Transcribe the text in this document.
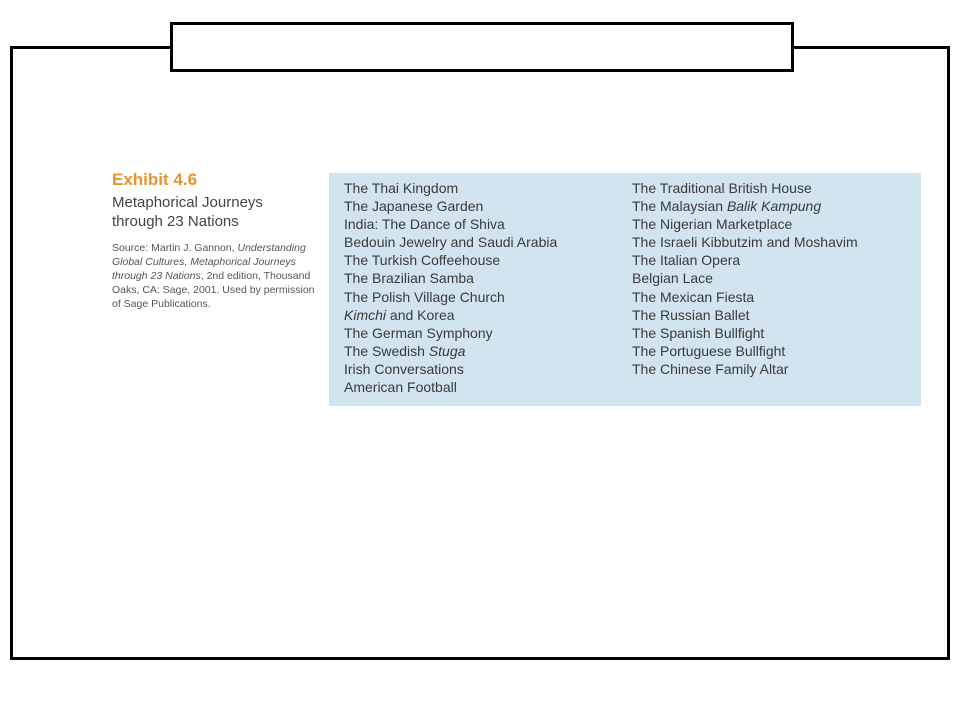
Exhibit 4.6
Metaphorical Journeys
through 23 Nations
Source: Martin J. Gannon, Understanding Global Cultures, Metaphorical Journeys through 23 Nations, 2nd edition, Thousand Oaks, CA: Sage, 2001. Used by permission of Sage Publications.
The Thai Kingdom
The Japanese Garden
India: The Dance of Shiva
Bedouin Jewelry and Saudi Arabia
The Turkish Coffeehouse
The Brazilian Samba
The Polish Village Church
Kimchi and Korea
The German Symphony
The Swedish Stuga
Irish Conversations
American Football
The Traditional British House
The Malaysian Balik Kampung
The Nigerian Marketplace
The Israeli Kibbutzim and Moshavim
The Italian Opera
Belgian Lace
The Mexican Fiesta
The Russian Ballet
The Spanish Bullfight
The Portuguese Bullfight
The Chinese Family Altar
